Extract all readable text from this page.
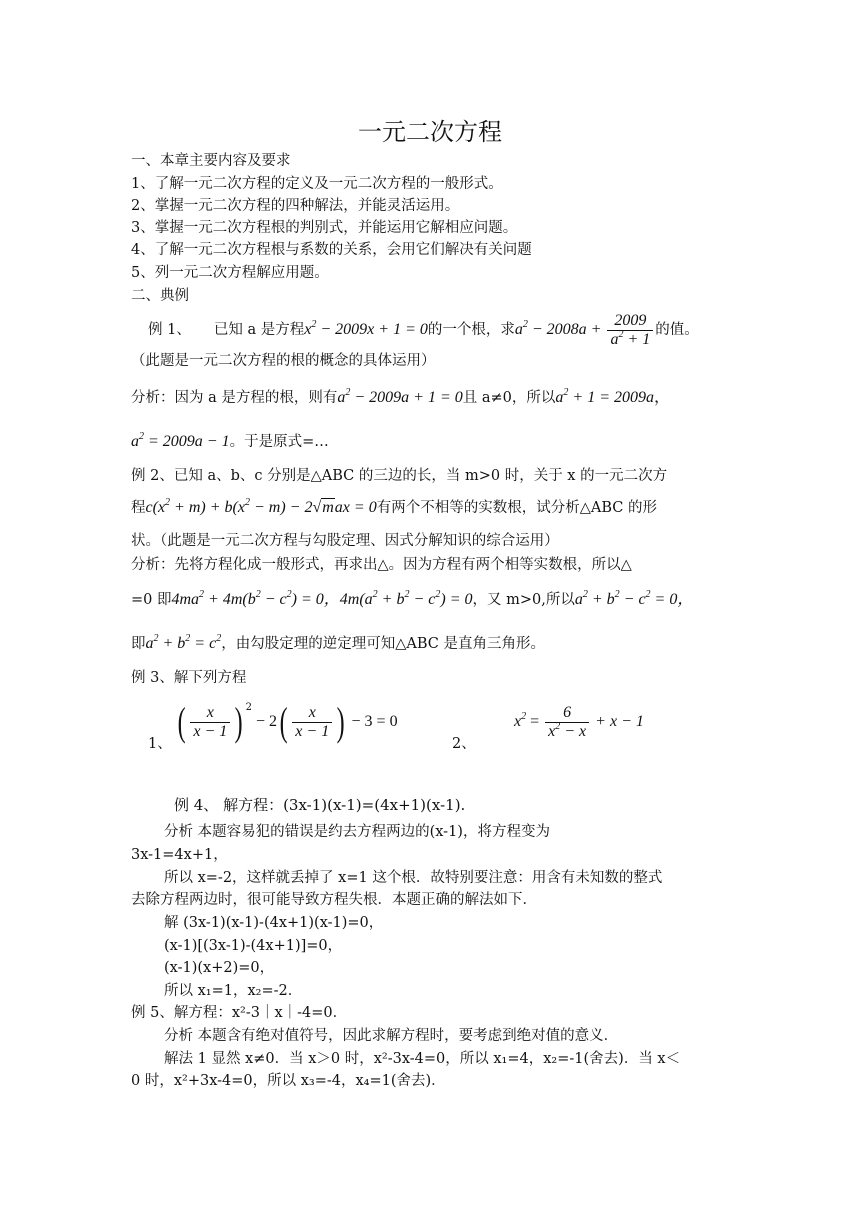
一元二次方程
一、本章主要内容及要求
1、了解一元二次方程的定义及一元二次方程的一般形式。
2、掌握一元二次方程的四种解法，并能灵活运用。
3、掌握一元二次方程根的判别式，并能运用它解相应问题。
4、了解一元二次方程根与系数的关系，会用它们解决有关问题
5、列一元二次方程解应用题。
二、典例
例 1、 已知 a 是方程$x^2 - 2009x + 1 = 0$的一个根，求$a^2 - 2008a + \frac{2009}{a^2 + 1}$ 的值。
（此题是一元二次方程的根的概念的具体运用）
分析：因为 a 是方程的根，则有$a^2 - 2009a + 1 = 0$且 a≠0，所以$a^2 + 1 = 2009a$，
$a^2 = 2009a - 1$。于是原式=…
例 2、已知 a、b、c 分别是△ABC 的三边的长，当 m>0 时，关于 x 的一元二次方
程$c(x^2 + m) + b(x^2 - m) - 2√\max = 0$有两个不相等的实数根，试分析△ABC 的形
状。（此题是一元二次方程与勾股定理、因式分解知识的综合运用）
分析：先将方程化成一般形式，再求出△。因为方程有两个相等实数根，所以△
=0 即$4ma^2 + 4m(b^2 - c^2) = 0$，$4m(a^2 + b^2 - c^2) = 0$，又 m>0,所以$a^2 + b^2 - c^2 = 0$，
即$a^2 + b^2 = c^2$，由勾股定理的逆定理可知△ABC 是直角三角形。
例 3、解下列方程
1、 ( $\frac{x}{x - 1}$ ) $^2 - 2( \frac{x}{x - 1}$ ) − 3 = 0
2、
$x^2 = \frac{6}{x^2 - x} + x - 1$
例 4、 解方程：(3x-1)(x-1)=(4x+1)(x-1).
分析 本题容易犯的错误是约去方程两边的(x-1)，将方程变为
3x-1=4x+1，
所以 x=-2，这样就丢掉了 x=1 这个根．故特别要注意：用含有未知数的整式
去除方程两边时，很可能导致方程失根．本题正确的解法如下．
解 (3x-1)(x-1)-(4x+1)(x-1)=0，
(x-1)[(3x-1)-(4x+1)]=0，
(x-1)(x+2)=0，
所以 x₁=1，x₂=-2．
例 5、解方程：x²-3｜x｜-4=0．
分析 本题含有绝对值符号，因此求解方程时，要考虑到绝对值的意义．
解法 1 显然 x≠0．当 x＞0 时，x²-3x-4=0，所以 x₁=4，x₂=-1(舍去)．当 x＜
0 时，x²+3x-4=0，所以 x₃=-4，x₄=1(舍去)．
